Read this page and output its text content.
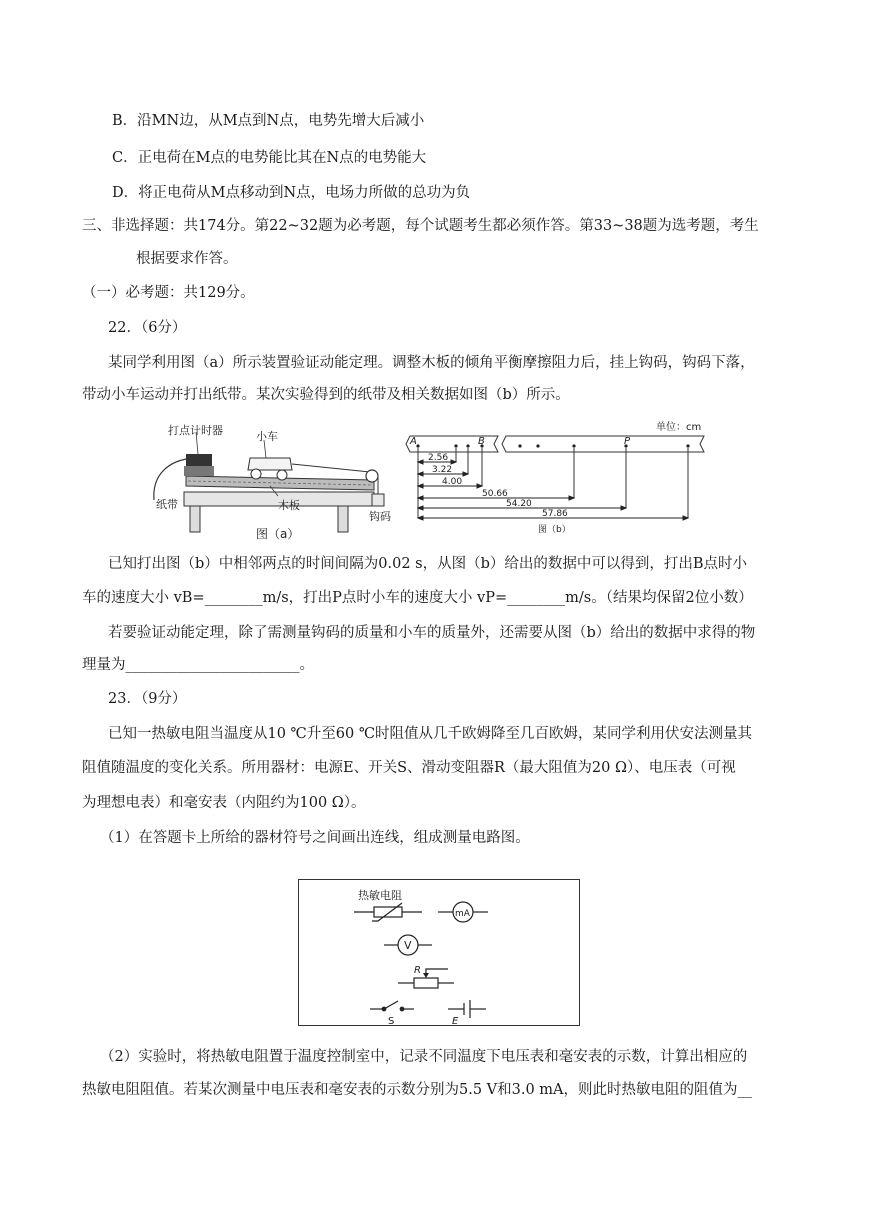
B．沿MN边，从M点到N点，电势先增大后减小
C．正电荷在M点的电势能比其在N点的电势能大
D．将正电荷从M点移动到N点，电场力所做的总功为负
三、非选择题：共174分。第22~32题为必考题，每个试题考生都必须作答。第33~38题为选考题，考生
根据要求作答。
（一）必考题：共129分。
22．（6分）
某同学利用图（a）所示装置验证动能定理。调整木板的倾角平衡摩擦阻力后，挂上钩码，钩码下落，
带动小车运动并打出纸带。某次实验得到的纸带及相关数据如图（b）所示。
打点计时器	小车
纸带	木板
钩码
图（a）
单位：cm
A	B	P
2.56
3.22
4.00
50.66
54.20
57.86
图（b）
已知打出图（b）中相邻两点的时间间隔为0.02 s，从图（b）给出的数据中可以得到，打出B点时小
车的速度大小 vB=________m/s，打出P点时小车的速度大小 vP=________m/s。（结果均保留2位小数）
若要验证动能定理，除了需测量钩码的质量和小车的质量外，还需要从图（b）给出的数据中求得的物
理量为________________________。
23．（9分）
已知一热敏电阻当温度从10 ℃升至60 ℃时阻值从几千欧姆降至几百欧姆，某同学利用伏安法测量其
阻值随温度的变化关系。所用器材：电源E、开关S、滑动变阻器R（最大阻值为20 Ω）、电压表（可视
为理想电表）和毫安表（内阻约为100 Ω）。
（1）在答题卡上所给的器材符号之间画出连线，组成测量电路图。
热敏电阻
mA
V
R
S	E
（2）实验时，将热敏电阻置于温度控制室中，记录不同温度下电压表和毫安表的示数，计算出相应的
热敏电阻阻值。若某次测量中电压表和毫安表的示数分别为5.5 V和3.0 mA，则此时热敏电阻的阻值为__
